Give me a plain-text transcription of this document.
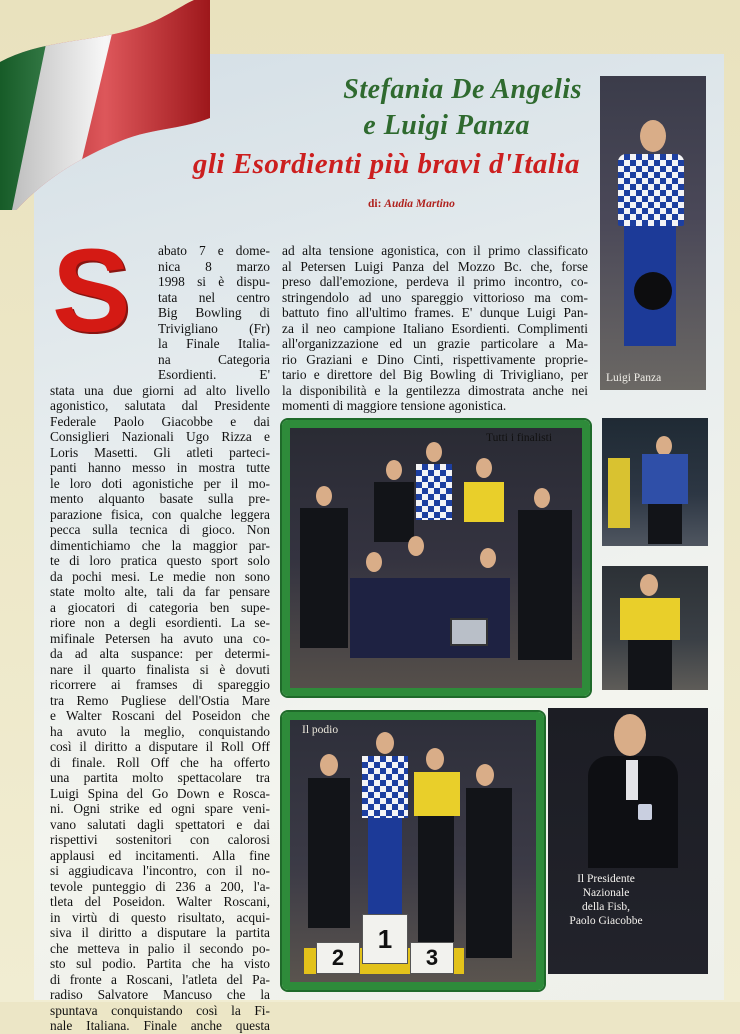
Stefania De Angelis
e Luigi Panza
gli Esordienti più bravi d'Italia
di: Audia Martino
S abato 7 e dome-
nica 8 marzo
1998 si è dispu-
tata nel centro
Big Bowling di
Trivigliano (Fr)
la Finale Italia-
na Categoria
Esordienti. E'
stata una due giorni ad alto livello
agonistico, salutata dal Presidente
Federale Paolo Giacobbe e dai
Consiglieri Nazionali Ugo Rizza e
Loris Masetti. Gli atleti parteci-
panti hanno messo in mostra tutte
le loro doti agonistiche per il mo-
mento alquanto basate sulla pre-
parazione fisica, con qualche leggera
pecca sulla tecnica di gioco. Non
dimentichiamo che la maggior par-
te di loro pratica questo sport solo
da pochi mesi. Le medie non sono
state molto alte, tali da far pensare
a giocatori di categoria ben supe-
riore non a degli esordienti. La se-
mifinale Petersen ha avuto una co-
da ad alta suspance: per determi-
nare il quarto finalista si è dovuti
ricorrere ai framses di spareggio
tra Remo Pugliese dell'Ostia Mare
e Walter Roscani del Poseidon che
ha avuto la meglio, conquistando
così il diritto a disputare il Roll Off
di finale. Roll Off che ha offerto
una partita molto spettacolare tra
Luigi Spina del Go Down e Rosca-
ni. Ogni strike ed ogni spare veni-
vano salutati dagli spettatori e dai
rispettivi sostenitori con calorosi
applausi ed incitamenti. Alla fine
si aggiudicava l'incontro, con il no-
tevole punteggio di 236 a 200, l'a-
tleta del Poseidon. Walter Roscani,
in virtù di questo risultato, acqui-
siva il diritto a disputare la partita
che metteva in palio il secondo po-
sto sul podio. Partita che ha visto
di fronte a Roscani, l'atleta del Pa-
radiso Salvatore Mancuso che la
spuntava conquistando così la Fi-
nale Italiana. Finale anche questa
ad alta tensione agonistica, con il primo classificato
al Petersen Luigi Panza del Mozzo Bc. che, forse
preso dall'emozione, perdeva il primo incontro, co-
stringendolo ad uno spareggio vittorioso ma com-
battuto fino all'ultimo frames. E' dunque Luigi Pan-
za il neo campione Italiano Esordienti. Complimenti
all'organizzazione ed un grazie particolare a Ma-
rio Graziani e Dino Cinti, rispettivamente proprie-
tario e direttore del Big Bowling di Trivigliano, per
la disponibilità e la gentilezza dimostrata anche nei
momenti di maggiore tensione agonistica.
Luigi Panza
Tutti i finalisti
Il podio
1
2	3
Il Presidente
Nazionale
della Fisb,
Paolo Giacobbe
